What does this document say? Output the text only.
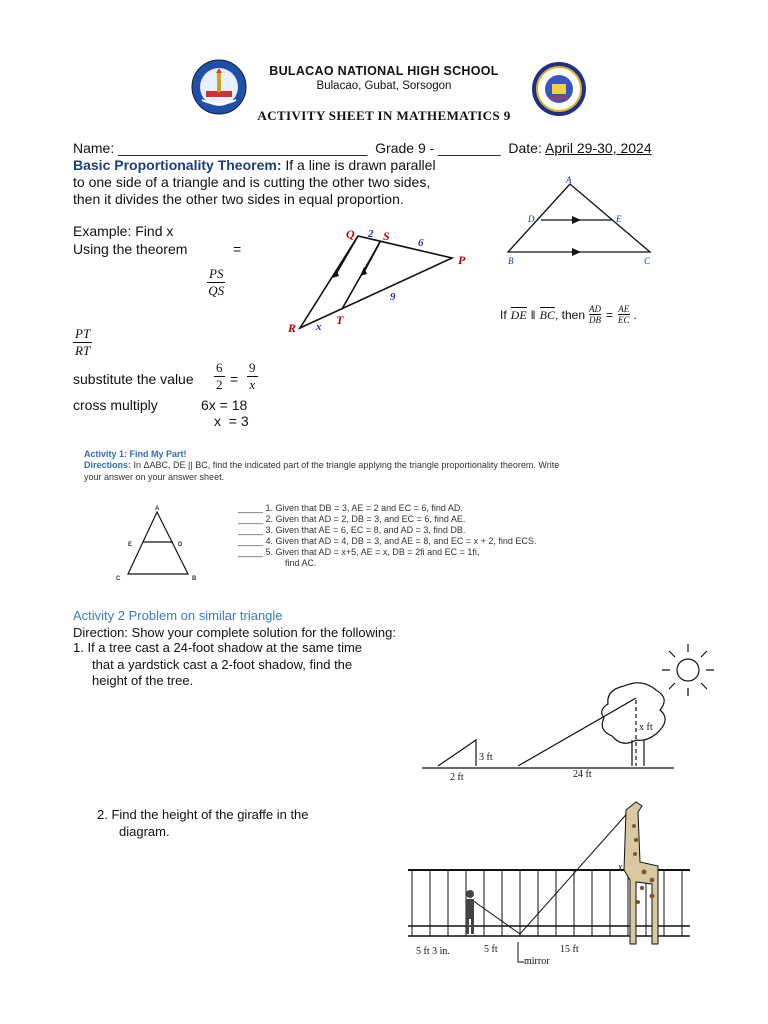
BULACAO NATIONAL HIGH SCHOOL
Bulacao, Gubat, Sorsogon
ACTIVITY SHEET IN MATHEMATICS 9
Name: ________________________________ Grade 9 - ________ Date: April 29-30, 2024
Basic Proportionality Theorem: If a line is drawn parallel
to one side of a triangle and is cutting the other two sides,
then it divides the other two sides in equal proportion.
Example: Find x
Using the theorem	=
$\frac{PS}{QS}$
$\frac{PT}{RT}$
substitute the value $\frac{6}{2} = \frac{9}{x}$
cross multiply	6x = 18
x  = 3
Q 2 S	6
P
9
R x T
A
D	E
B	C
If DE ‖ BC , then $\frac{AD}{DB} = \frac{AE}{EC}$ .
Activity 1: Find My Part!
Directions: In ΔABC, DE || BC, find the indicated part of the triangle applying the triangle proportionality theorem. Write
your answer on your answer sheet.
A
E	D
C	B
_____ 1. Given that DB = 3, AE = 2 and EC = 6, find AD.
_____ 2. Given that AD = 2, DB = 3, and EC = 6, find AE.
_____ 3. Given that AE = 6, EC = 8, and AD = 3, find DB.
_____ 4. Given that AD = 4, DB = 3, and AE = 8, and EC = x + 2, find ECS.
_____ 5. Given that AD = x+5, AE = x, DB = 2fi and EC = 1fi,
find AC.
Activity 2 Problem on similar triangle
Direction: Show your complete solution for the following:
1. If a tree cast a 24-foot shadow at the same time
that a yardstick cast a 2-foot shadow, find the
height of the tree.
3 ft
2 ft	24 ft
x ft
2. Find the height of the giraffe in the
diagram.
x
5 ft 3 in.	5 ft	15 ft
mirror
